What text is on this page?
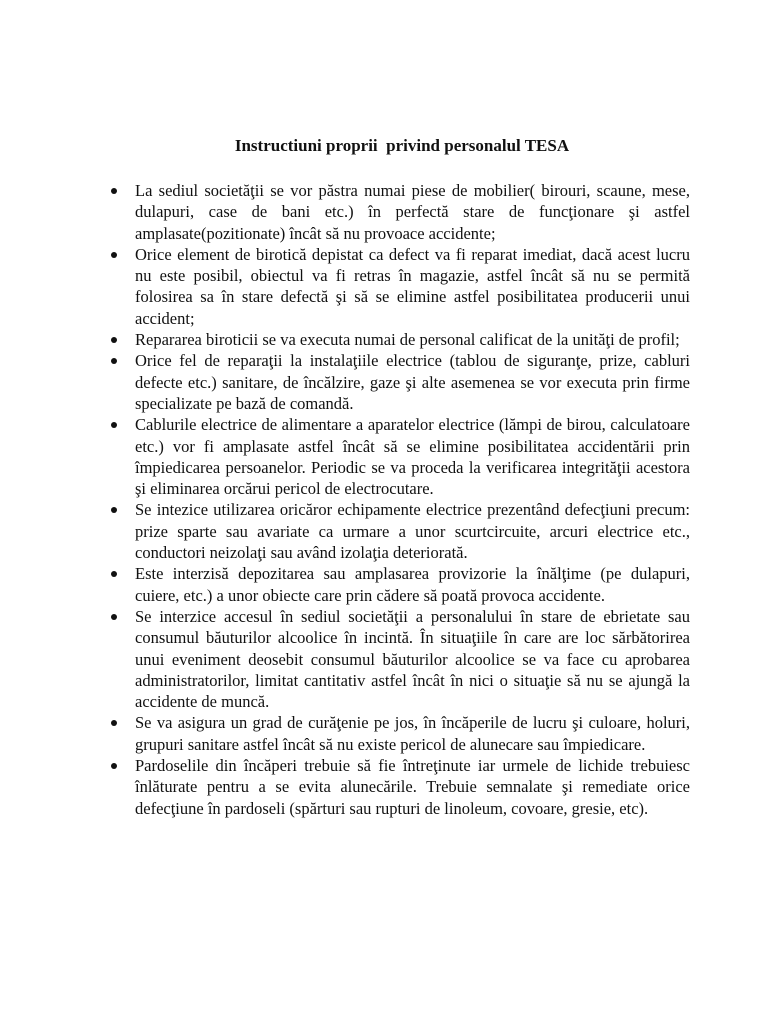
Instructiuni proprii  privind personalul TESA
La sediul societăţii se vor păstra numai piese de mobilier( birouri, scaune, mese, dulapuri, case de bani etc.) în perfectă stare de funcţionare şi astfel amplasate(pozitionate) încât să nu provoace accidente;
Orice element de birotică depistat ca defect va fi reparat imediat, dacă acest lucru nu este posibil, obiectul va fi retras în magazie, astfel încât să nu se permită folosirea sa în stare defectă şi să se elimine astfel posibilitatea producerii unui accident;
Repararea biroticii se va executa numai de personal calificat de la unităţi de profil;
Orice fel de reparaţii la instalaţiile electrice (tablou de siguranţe, prize, cabluri defecte etc.) sanitare, de încălzire, gaze şi alte asemenea se vor executa prin firme specializate pe bază de comandă.
Cablurile electrice de alimentare a aparatelor electrice (lămpi de birou, calculatoare etc.) vor fi amplasate astfel încât să se elimine posibilitatea accidentării prin împiedicarea persoanelor. Periodic se va proceda la verificarea integrităţii acestora şi eliminarea orcărui pericol de electrocutare.
Se intezice utilizarea oricăror echipamente electrice prezentând defecţiuni precum: prize sparte sau avariate ca urmare a unor scurtcircuite, arcuri electrice etc., conductori neizolaţi sau având izolaţia deteriorată.
Este interzisă depozitarea sau amplasarea provizorie la înălţime (pe dulapuri, cuiere, etc.) a unor obiecte care prin cădere să poată provoca accidente.
Se interzice accesul în sediul societăţii a personalului în stare de ebrietate sau consumul băuturilor alcoolice în incintă. În situaţiile în care are loc sărbătorirea unui eveniment deosebit consumul băuturilor alcoolice se va face cu aprobarea administratorilor, limitat cantitativ astfel încât în nici o situaţie să nu se ajungă la accidente de muncă.
Se va asigura un grad de curăţenie pe jos, în încăperile de lucru şi culoare, holuri, grupuri sanitare astfel încât să nu existe pericol de alunecare sau împiedicare.
Pardoselile din încăperi trebuie să fie întreţinute iar urmele de lichide trebuiesc înlăturate pentru a se evita alunecările. Trebuie semnalate şi remediate orice defecţiune în pardoseli (spărturi sau rupturi de linoleum, covoare, gresie, etc).
